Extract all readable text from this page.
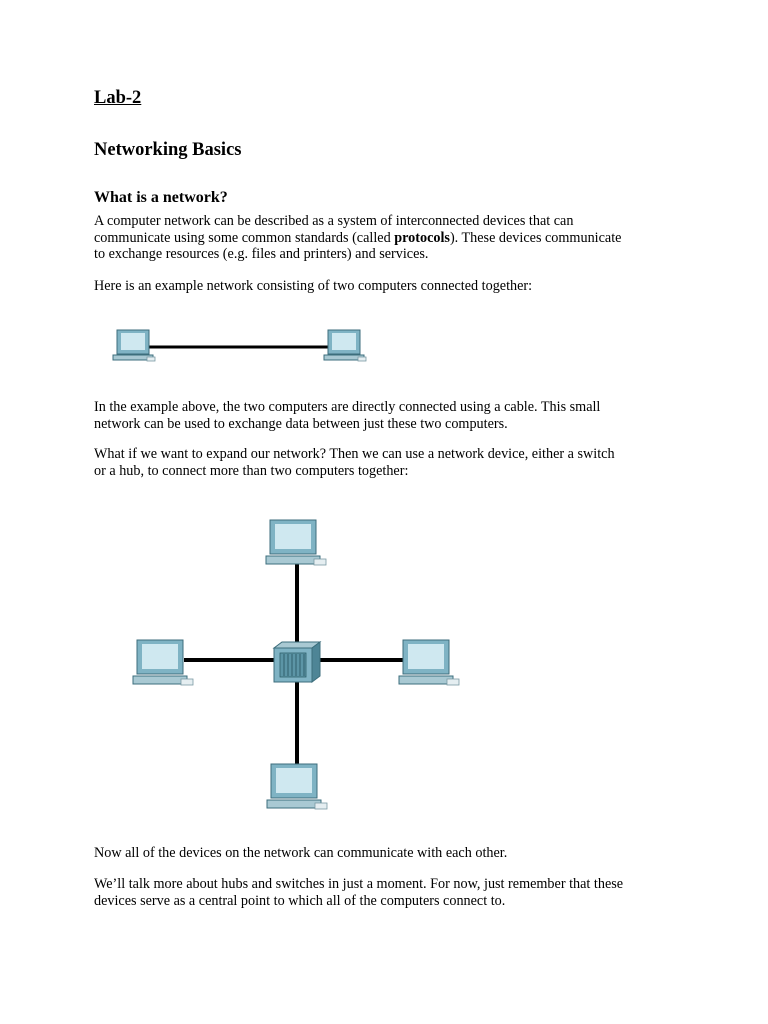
Lab-2

Networking Basics

What is a network?

A computer network can be described as a system of interconnected devices that can
communicate using some common standards (called protocols). These devices communicate
to exchange resources (e.g. files and printers) and services.

Here is an example network consisting of two computers connected together:

In the example above, the two computers are directly connected using a cable. This small
network can be used to exchange data between just these two computers.
What if we want to expand our network? Then we can use a network device, either a switch
or a hub, to connect more than two computers together:

Now all of the devices on the network can communicate with each other.

We’ll talk more about hubs and switches in just a moment. For now, just remember that these
devices serve as a central point to which all of the computers connect to.
